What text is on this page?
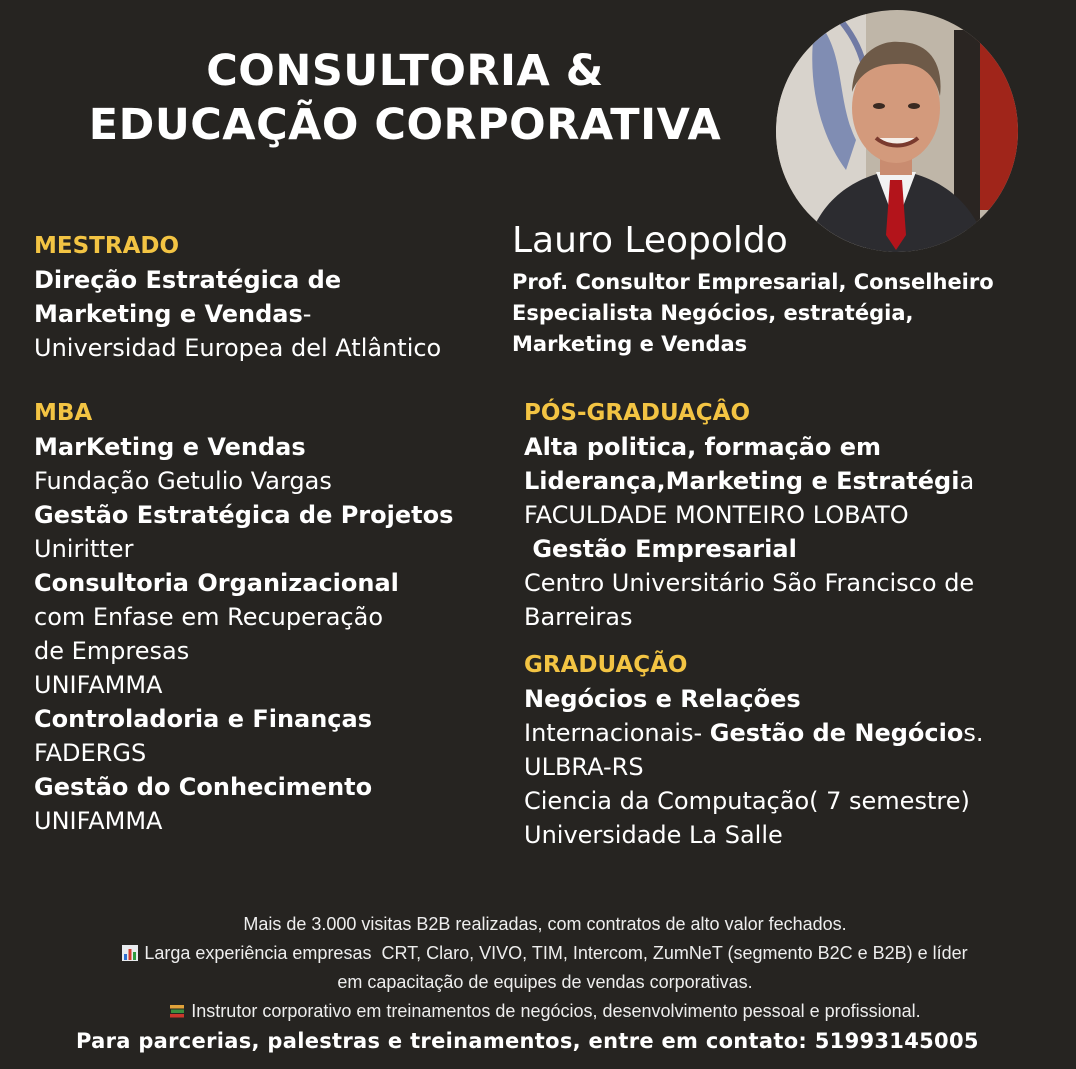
CONSULTORIA &
EDUCAÇÃO CORPORATIVA
Lauro Leopoldo
Prof. Consultor Empresarial, Conselheiro
Especialista Negócios, estratégia,
Marketing e Vendas
MESTRADO
Direção Estratégica de
Marketing e Vendas-
Universidad Europea del Atlântico
MBA
MarKeting e Vendas
Fundação Getulio Vargas
Gestão Estratégica de Projetos
Uniritter
Consultoria Organizacional
com Enfase em Recuperação
de Empresas
UNIFAMMA
Controladoria e Finanças
FADERGS
Gestão do Conhecimento
UNIFAMMA
PÓS-GRADUAÇÂO
Alta politica, formação em
Liderança,Marketing e Estratégia
FACULDADE MONTEIRO LOBATO
Gestão Empresarial
Centro Universitário São Francisco de
Barreiras
GRADUAÇÃO
Negócios e Relações
Internacionais- Gestão de Negócios.
ULBRA-RS
Ciencia da Computação( 7 semestre)
Universidade La Salle
Mais de 3.000 visitas B2B realizadas, com contratos de alto valor fechados.
Larga experiência empresas  CRT, Claro, VIVO, TIM, Intercom, ZumNeT (segmento B2C e B2B) e líder
em capacitação de equipes de vendas corporativas.
Instrutor corporativo em treinamentos de negócios, desenvolvimento pessoal e profissional.
Para parcerias, palestras e treinamentos, entre em contato: 51993145005
